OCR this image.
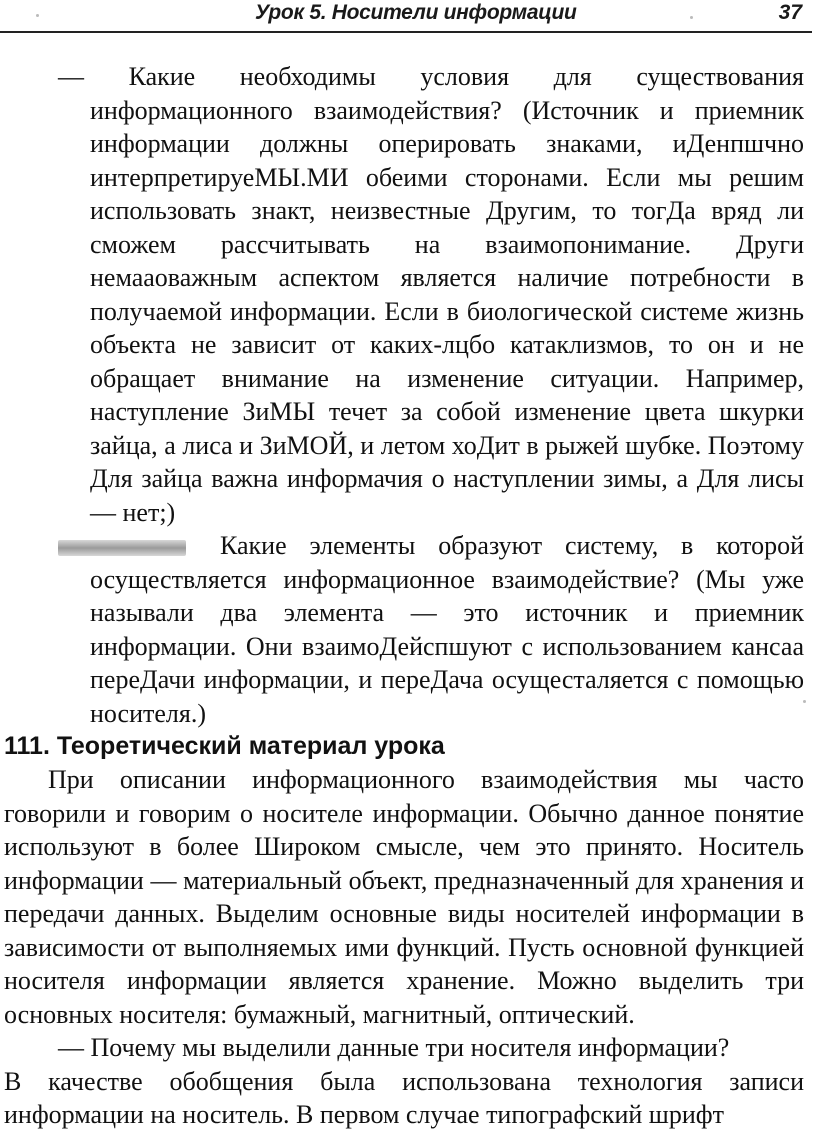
Урок 5. Носители информации	37

— Какие необходимы условия для существования информационного взаимодействия? (Источник и приемник информации должны оперировать знаками, иДенпшчно интерпретируеМЫ.МИ обеими сторонами. Если мы решим использовать знакт, неизвестные Другим, то тогДа вряд ли сможем рассчитывать на взаимопонимание. Други немааоважным аспектом является наличие потребности в получаемой информации. Если в биологической системе жизнь объекта не зависит от каких-лцбо катаклизмов, то он и не обращает внимание на изменение ситуации. Например, наступление ЗиМЫ течет за собой изменение цвета шкурки зайца, а лиса и ЗиМОЙ, и летом хоДит в рыжей шубке. Поэтому Для зайца важна информачия о наступлении зимы, а Для лисы — нет;)

Какие элементы образуют систему, в которой осуществляется информационное взаимодействие? (Мы уже называли два элемента — это источник и приемник информации. Они взаимоДейспшуют с использованием кансаа переДачи информации, и переДача осущесталяется с помощью носителя.)

111. Теоретический материал урока

При описании информационного взаимодействия мы часто говорили и говорим о носителе информации. Обычно данное понятие используют в более Широком смысле, чем это принято. Носитель информации — материальный объект, предназначенный для хранения и передачи данных. Выделим основные виды носителей информации в зависимости от выполняемых ими функций. Пусть основной функцией носителя информации является хранение. Можно выделить три основных носителя: бумажный, магнитный, оптический.

— Почему мы выделили данные три носителя информации?

В качестве обобщения была использована технология записи информации на носитель. В первом случае типографский шрифт
